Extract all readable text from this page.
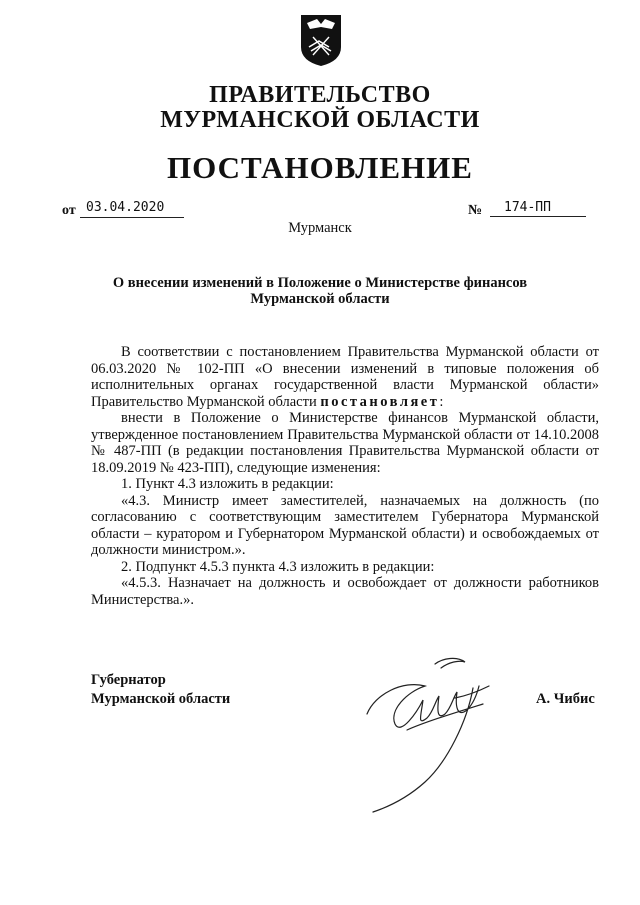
ПРАВИТЕЛЬСТВО
МУРМАНСКОЙ ОБЛАСТИ
ПОСТАНОВЛЕНИЕ
от 03.04.2020	№	174-ПП
Мурманск
О внесении изменений в Положение о Министерстве финансов
Мурманской области
В соответствии с постановлением Правительства Мурманской области от 06.03.2020 № 102-ПП «О внесении изменений в типовые положения об исполнительных органах государственной власти Мурманской области» Правительство Мурманской области постановляет:
внести в Положение о Министерстве финансов Мурманской области, утвержденное постановлением Правительства Мурманской области от 14.10.2008 № 487-ПП (в редакции постановления Правительства Мурманской области от 18.09.2019 № 423-ПП), следующие изменения:
1. Пункт 4.3 изложить в редакции:
«4.3. Министр имеет заместителей, назначаемых на должность (по согласованию с соответствующим заместителем Губернатора Мурманской области – куратором и Губернатором Мурманской области) и освобождаемых от должности министром.».
2. Подпункт 4.5.3 пункта 4.3 изложить в редакции:
«4.5.3. Назначает на должность и освобождает от должности работников Министерства.».
Губернатор
Мурманской области	А. Чибис
